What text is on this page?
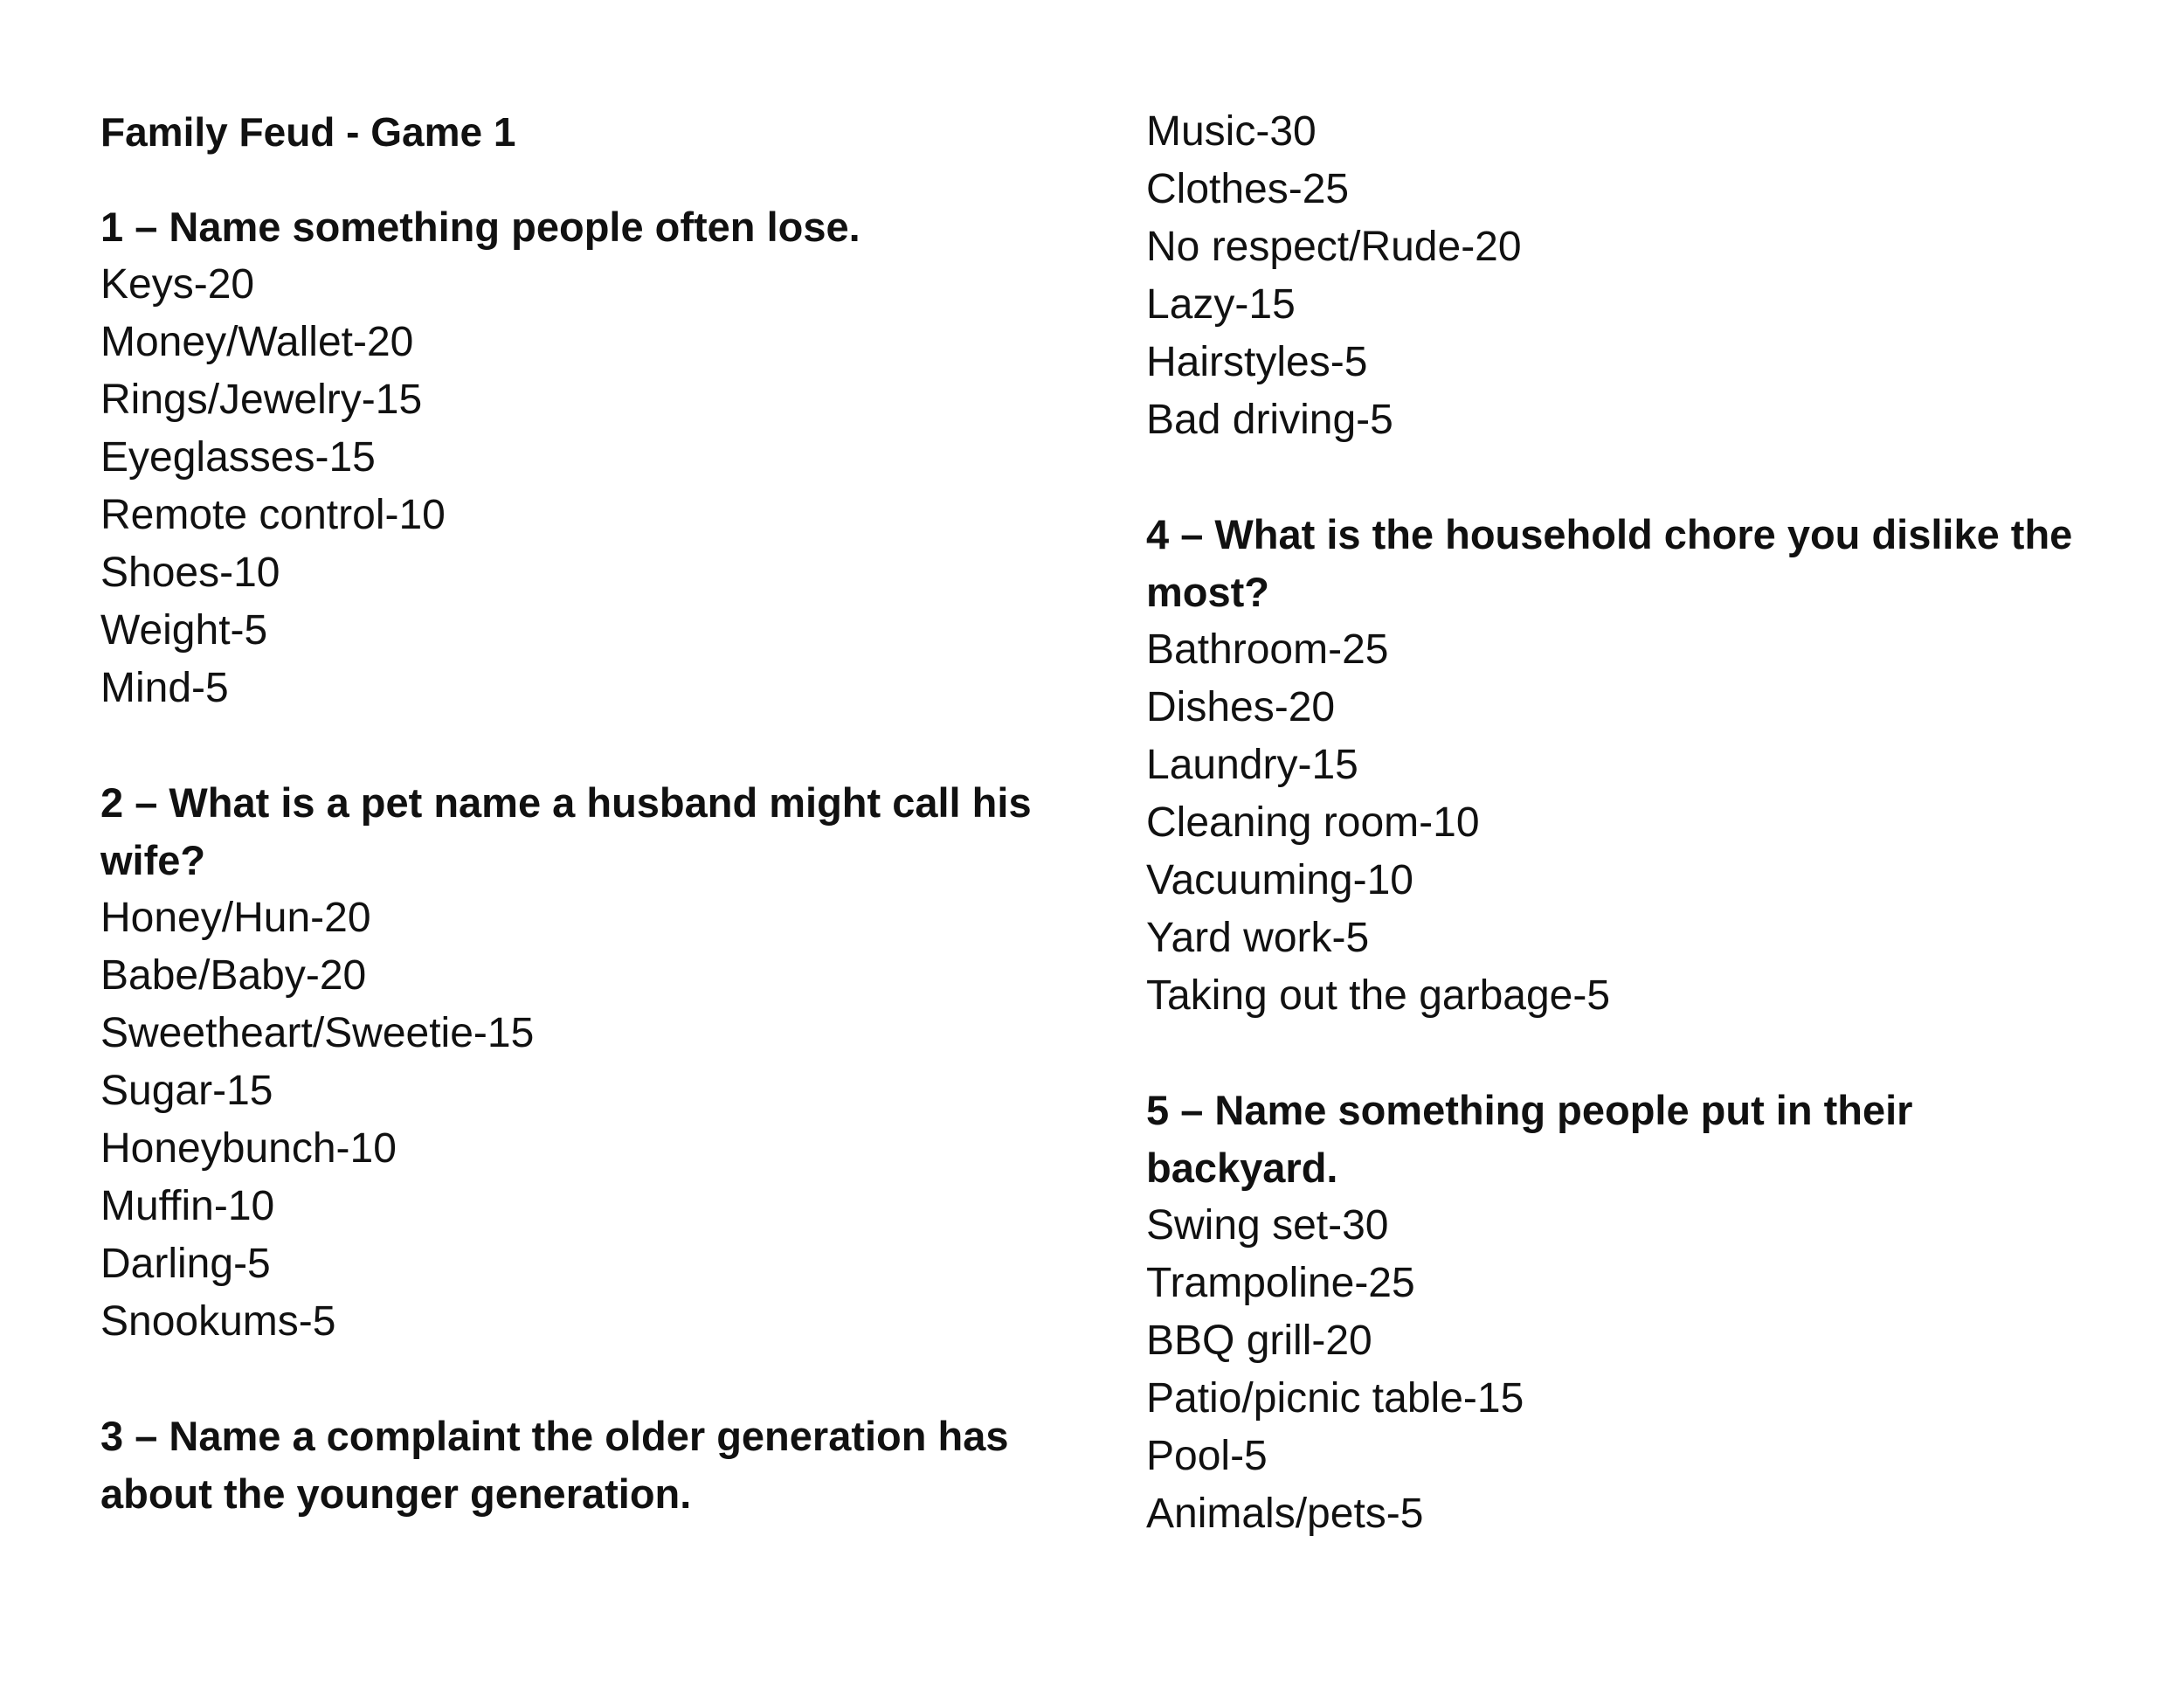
Family Feud - Game 1
1 – Name something people often lose.
Keys-20
Money/Wallet-20
Rings/Jewelry-15
Eyeglasses-15
Remote control-10
Shoes-10
Weight-5
Mind-5
2 – What is a pet name a husband might call his
wife?
Honey/Hun-20
Babe/Baby-20
Sweetheart/Sweetie-15
Sugar-15
Honeybunch-10
Muffin-10
Darling-5
Snookums-5
3 – Name a complaint the older generation has
about the younger generation.
Music-30
Clothes-25
No respect/Rude-20
Lazy-15
Hairstyles-5
Bad driving-5
4 – What is the household chore you dislike the
most?
Bathroom-25
Dishes-20
Laundry-15
Cleaning room-10
Vacuuming-10
Yard work-5
Taking out the garbage-5
5 – Name something people put in their
backyard.
Swing set-30
Trampoline-25
BBQ grill-20
Patio/picnic table-15
Pool-5
Animals/pets-5
